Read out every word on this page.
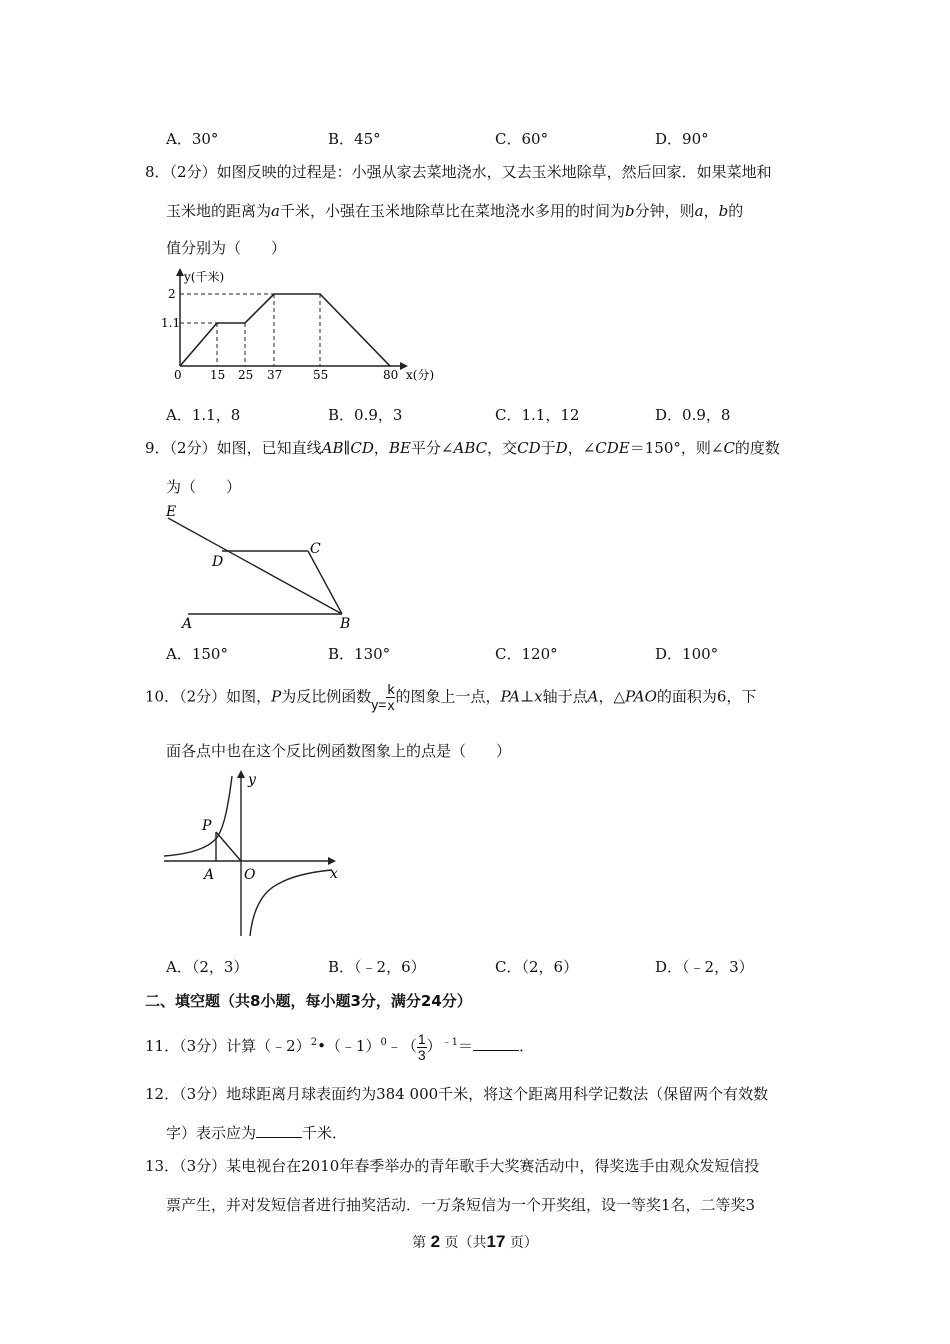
A．30°	B．45°	C．60°	D．90°
8．（2分）如图反映的过程是：小强从家去菜地浇水，又去玉米地除草，然后回家．如果菜地和
玉米地的距离为a千米，小强在玉米地除草比在菜地浇水多用的时间为b分钟，则a，b的
值分别为（　　）
y(千米)
x(分)
0
2
1.1
15 25 37	55	80
A．1.1，8	B．0.9，3	C．1.1，12	D．0.9，8
9．（2分）如图，已知直线AB∥CD，BE平分∠ABC，交CD于D，∠CDE＝150°，则∠C的度数
为（　　）
E
D
C
A	B
A．150°	B．130°	C．120°	D．100°
10．（2分）如图，P为反比例函数$y= \frac{k}{x}$ 的图象上一点，PA⊥x轴于点A，△PAO的面积为6，下
面各点中也在这个反比例函数图象上的点是（　　）
y
x
P
A O
A．（2，3）	B．（﹣2，6）	C．（2，6）	D．（﹣2，3）
二、填空题（共8小题，每小题3分，满分24分）
11．（3分）计算（﹣2）$^2$•（﹣1）$^0$﹣（ $\frac{1}{3} )^{﹣1}=$	．
12．（3分）地球距离月球表面约为384 000千米，将这个距离用科学记数法（保留两个有效数
字）表示应为	千米．
13．（3分）某电视台在2010年春季举办的青年歌手大奖赛活动中，得奖选手由观众发短信投
票产生，并对发短信者进行抽奖活动．一万条短信为一个开奖组，设一等奖1名，二等奖3
第 2 页（共17 页）
